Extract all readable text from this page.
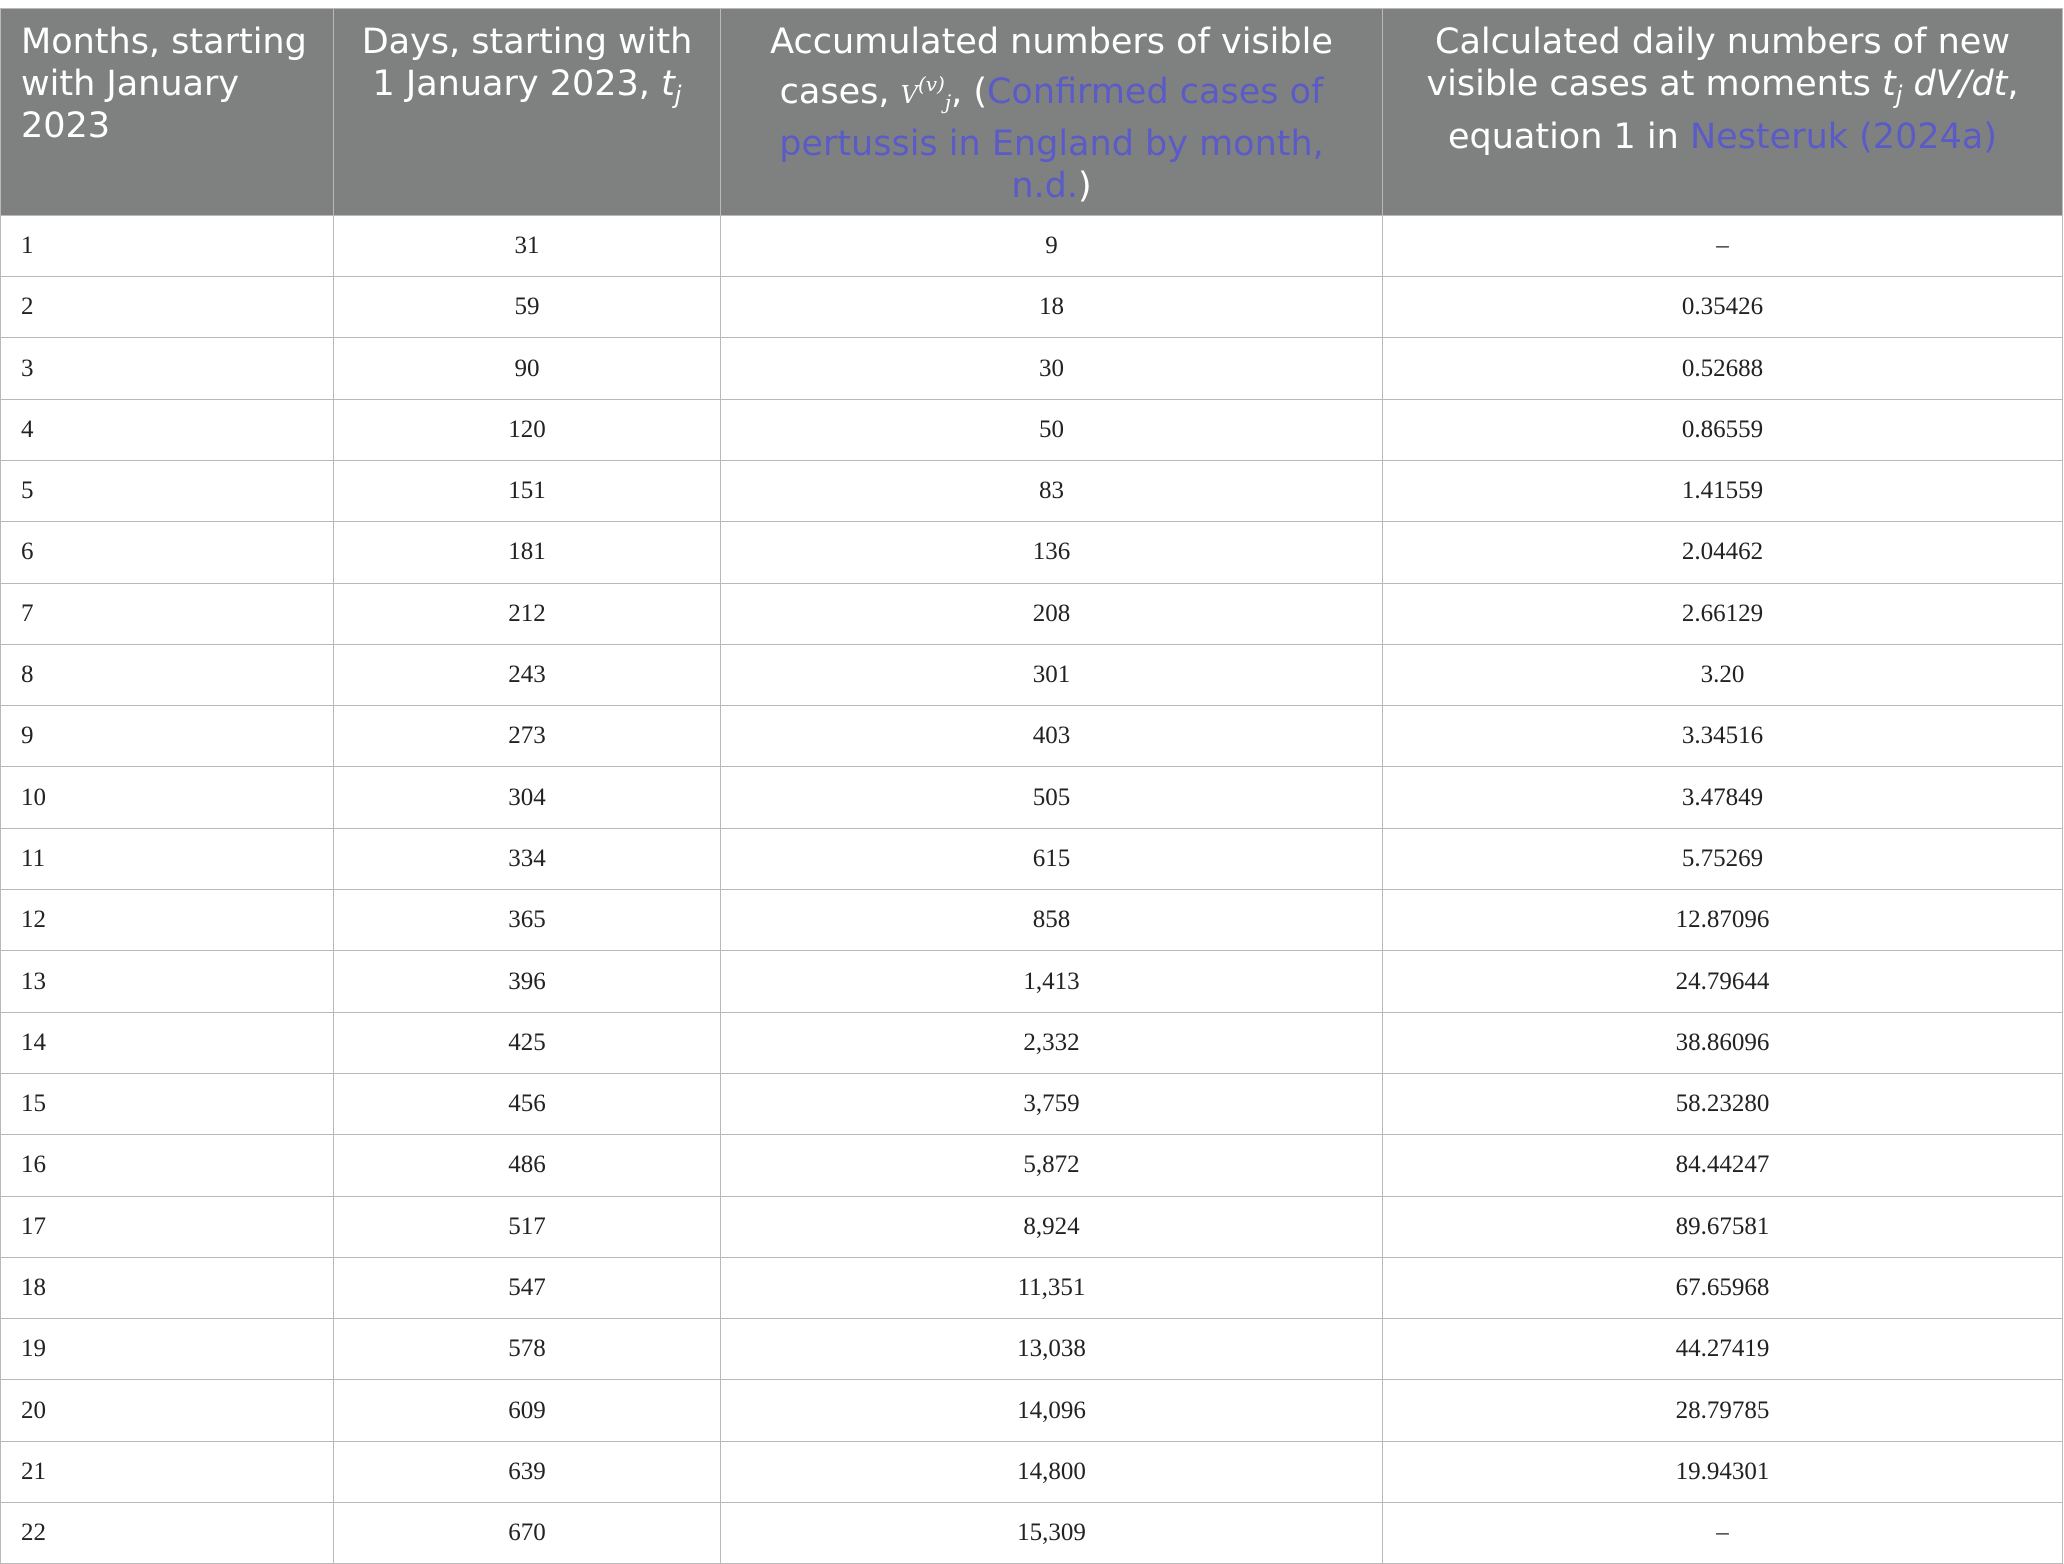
Months, starting with January 2023	Days, starting with 1 January 2023, $t_j$	Accumulated numbers of visible cases, $V^{(v)}_j$, (Confirmed cases of pertussis in England by month, n.d.)	Calculated daily numbers of new visible cases at moments $t_j$ dV/dt, equation 1 in Nesteruk (2024a)
1	31	9	–
2	59	18	0.35426
3	90	30	0.52688
4	120	50	0.86559
5	151	83	1.41559
6	181	136	2.04462
7	212	208	2.66129
8	243	301	3.20
9	273	403	3.34516
10	304	505	3.47849
11	334	615	5.75269
12	365	858	12.87096
13	396	1,413	24.79644
14	425	2,332	38.86096
15	456	3,759	58.23280
16	486	5,872	84.44247
17	517	8,924	89.67581
18	547	11,351	67.65968
19	578	13,038	44.27419
20	609	14,096	28.79785
21	639	14,800	19.94301
22	670	15,309	–
